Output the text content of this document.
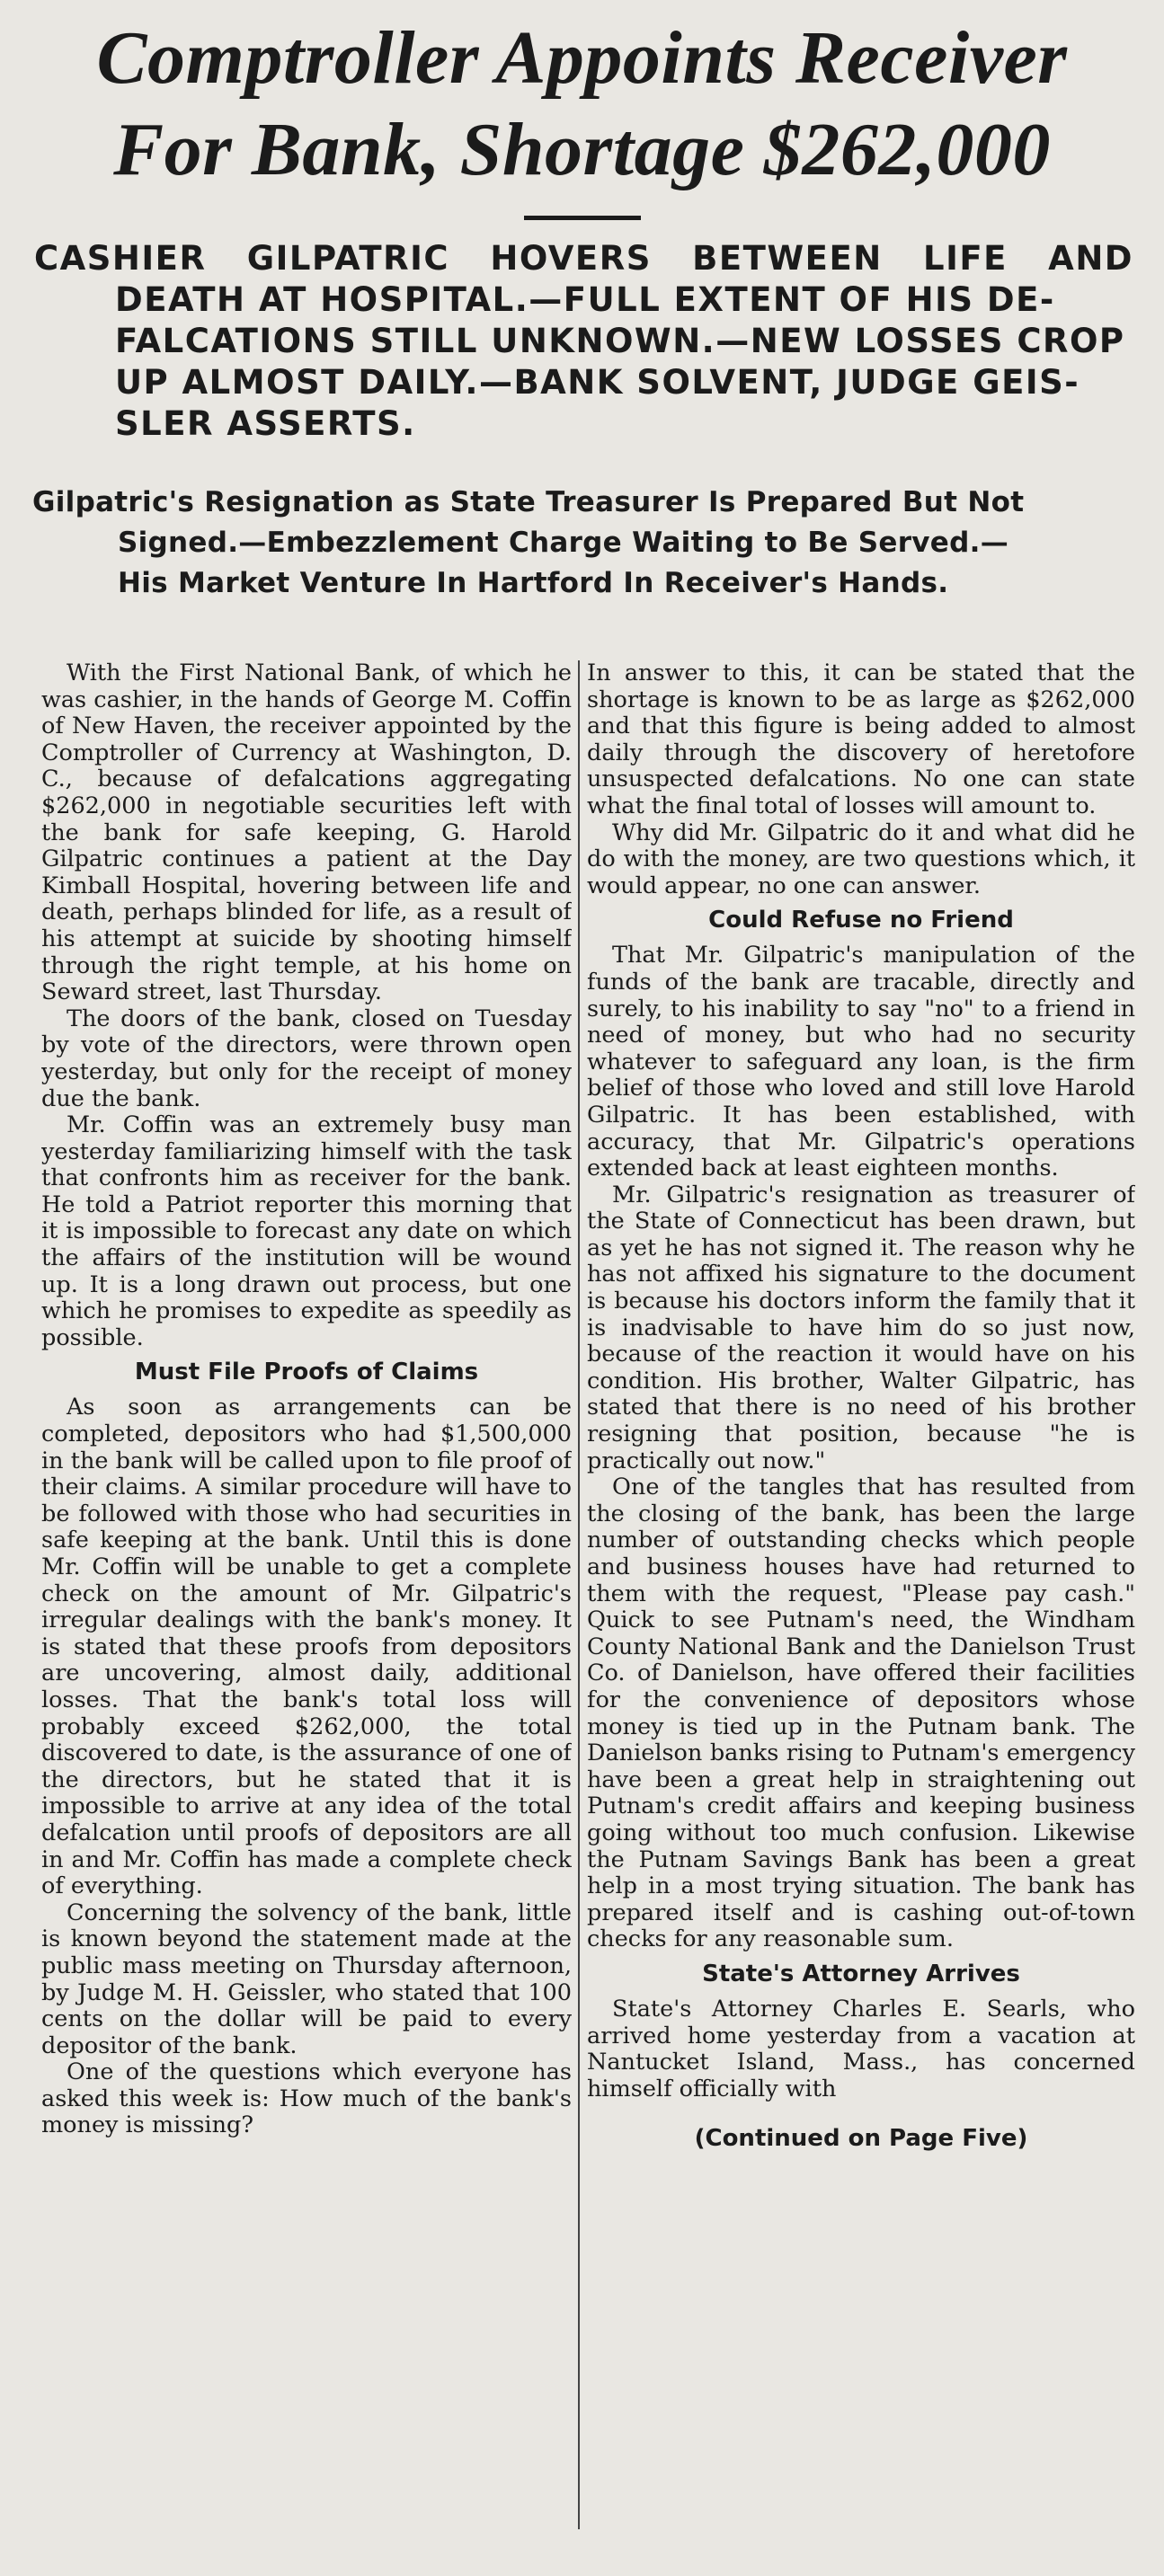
Comptroller Appoints Receiver
For Bank, Shortage $262,000
CASHIER GILPATRIC HOVERS BETWEEN LIFE AND
DEATH AT HOSPITAL.—FULL EXTENT OF HIS DE-
FALCATIONS STILL UNKNOWN.—NEW LOSSES CROP
UP ALMOST DAILY.—BANK SOLVENT, JUDGE GEIS-
SLER ASSERTS.
Gilpatric's Resignation as State Treasurer Is Prepared But Not
Signed.—Embezzlement Charge Waiting to Be Served.—
His Market Venture In Hartford In Receiver's Hands.

With the First National Bank, of which he was cashier, in the hands of George M. Coffin of New Haven, the receiver appointed by the Comptroller of Currency at Washington, D. C., because of defalcations aggregating $262,000 in negotiable securities left with the bank for safe keeping, G. Harold Gilpatric continues a patient at the Day Kimball Hospital, hovering between life and death, perhaps blinded for life, as a result of his attempt at suicide by shooting himself through the right temple, at his home on Seward street, last Thursday.

The doors of the bank, closed on Tuesday by vote of the directors, were thrown open yesterday, but only for the receipt of money due the bank.

Mr. Coffin was an extremely busy man yesterday familiarizing himself with the task that confronts him as receiver for the bank. He told a Patriot reporter this morning that it is impossible to forecast any date on which the affairs of the institution will be wound up. It is a long drawn out process, but one which he promises to expedite as speedily as possible.

Must File Proofs of Claims

As soon as arrangements can be completed, depositors who had $1,500,000 in the bank will be called upon to file proof of their claims. A similar procedure will have to be followed with those who had securities in safe keeping at the bank. Until this is done Mr. Coffin will be unable to get a complete check on the amount of Mr. Gilpatric's irregular dealings with the bank's money. It is stated that these proofs from depositors are uncovering, almost daily, additional losses. That the bank's total loss will probably exceed $262,000, the total discovered to date, is the assurance of one of the directors, but he stated that it is impossible to arrive at any idea of the total defalcation until proofs of depositors are all in and Mr. Coffin has made a complete check of everything.

Concerning the solvency of the bank, little is known beyond the statement made at the public mass meeting on Thursday afternoon, by Judge M. H. Geissler, who stated that 100 cents on the dollar will be paid to every depositor of the bank.

One of the questions which everyone has asked this week is: How much of the bank's money is missing?

In answer to this, it can be stated that the shortage is known to be as large as $262,000 and that this figure is being added to almost daily through the discovery of heretofore unsuspected defalcations. No one can state what the final total of losses will amount to.

Why did Mr. Gilpatric do it and what did he do with the money, are two questions which, it would appear, no one can answer.

Could Refuse no Friend

That Mr. Gilpatric's manipulation of the funds of the bank are tracable, directly and surely, to his inability to say "no" to a friend in need of money, but who had no security whatever to safeguard any loan, is the firm belief of those who loved and still love Harold Gilpatric. It has been established, with accuracy, that Mr. Gilpatric's operations extended back at least eighteen months.

Mr. Gilpatric's resignation as treasurer of the State of Connecticut has been drawn, but as yet he has not signed it. The reason why he has not affixed his signature to the document is because his doctors inform the family that it is inadvisable to have him do so just now, because of the reaction it would have on his condition. His brother, Walter Gilpatric, has stated that there is no need of his brother resigning that position, because "he is practically out now."

One of the tangles that has resulted from the closing of the bank, has been the large number of outstanding checks which people and business houses have had returned to them with the request, "Please pay cash." Quick to see Putnam's need, the Windham County National Bank and the Danielson Trust Co. of Danielson, have offered their facilities for the convenience of depositors whose money is tied up in the Putnam bank. The Danielson banks rising to Putnam's emergency have been a great help in straightening out Putnam's credit affairs and keeping business going without too much confusion. Likewise the Putnam Savings Bank has been a great help in a most trying situation. The bank has prepared itself and is cashing out-of-town checks for any reasonable sum.

State's Attorney Arrives

State's Attorney Charles E. Searls, who arrived home yesterday from a vacation at Nantucket Island, Mass., has concerned himself officially with

(Continued on Page Five)
